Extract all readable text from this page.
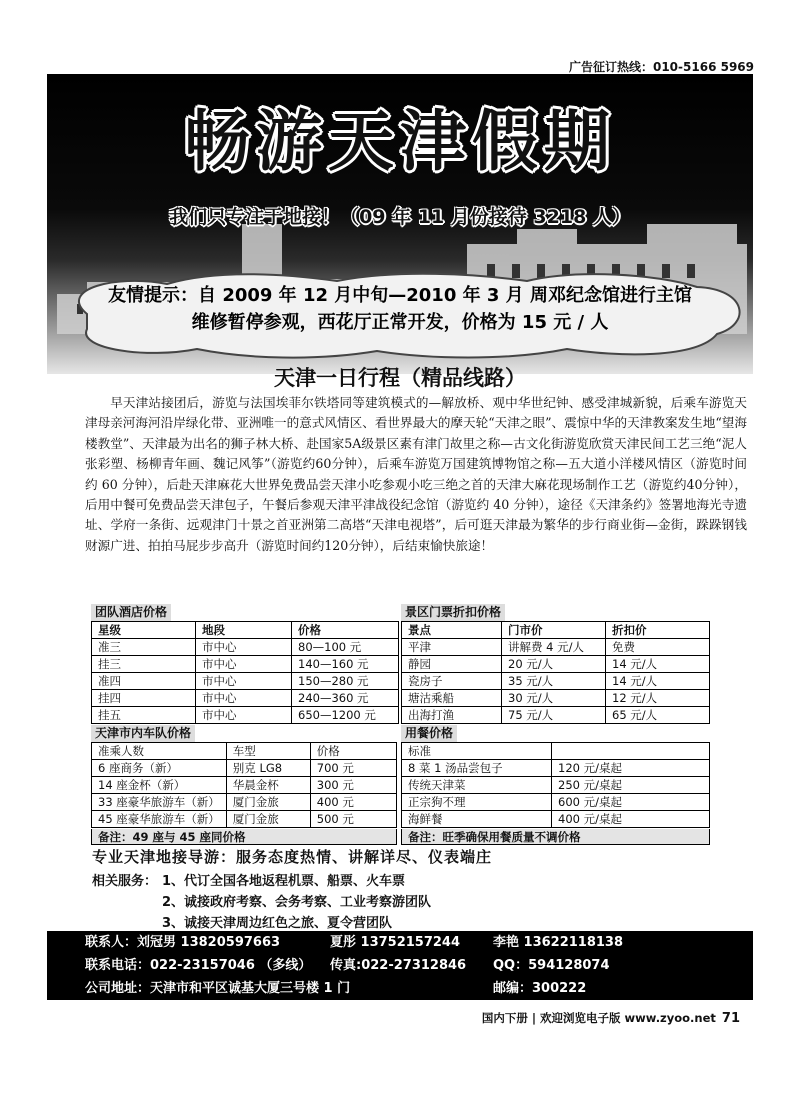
广告征订热线：010-5166 5969
畅游天津假期
我们只专注于地接！（09 年 11 月份接待 3218 人）
友情提示：自 2009 年 12 月中旬—2010 年 3 月 周邓纪念馆进行主馆
维修暂停参观，西花厅正常开发，价格为 15 元 / 人
天津一日行程（精品线路）
早天津站接团后，游览与法国埃菲尔铁塔同等建筑模式的—解放桥、观中华世纪钟、感受津城新貌，后乘车游览天津母亲河海河沿岸绿化带、亚洲唯一的意式风情区、看世界最大的摩天轮“天津之眼”、震惊中华的天津教案发生地“望海楼教堂”、天津最为出名的狮子林大桥、赴国家5A级景区素有津门故里之称—古文化街游览欣赏天津民间工艺三绝“泥人张彩塑、杨柳青年画、魏记风筝”（游览约60分钟），后乘车游览万国建筑博物馆之称—五大道小洋楼风情区（游览时间约 60 分钟），后赴天津麻花大世界免费品尝天津小吃参观小吃三绝之首的天津大麻花现场制作工艺（游览约40分钟），后用中餐可免费品尝天津包子，午餐后参观天津平津战役纪念馆（游览约 40 分钟），途径《天津条约》签署地海光寺遗址、学府一条街、远观津门十景之首亚洲第二高塔“天津电视塔”，后可逛天津最为繁华的步行商业街—金街，跺跺钢钱财源广进、拍拍马屁步步高升（游览时间约120分钟），后结束愉快旅途！
团队酒店价格
星级	地段	价格
准三	市中心	80—100 元
挂三	市中心	140—160 元
准四	市中心	150—280 元
挂四	市中心	240—360 元
挂五	市中心	650—1200 元
景区门票折扣价格
景点	门市价	折扣价
平津	讲解费 4 元/人	免费
静园	20 元/人	14 元/人
瓷房子	35 元/人	14 元/人
塘沽乘船	30 元/人	12 元/人
出海打渔	75 元/人	65 元/人
天津市内车队价格
准乘人数	车型	价格
6 座商务（新）	别克 LG8	700 元
14 座金杯（新）	华晨金杯	300 元
33 座豪华旅游车（新）	厦门金旅	400 元
45 座豪华旅游车（新）	厦门金旅	500 元
备注：49 座与 45 座同价格
用餐价格
标准	
8 菜 1 汤品尝包子	120 元/桌起
传统天津菜	250 元/桌起
正宗狗不理	600 元/桌起
海鲜餐	400 元/桌起
备注：旺季确保用餐质量不调价格
专业天津地接导游：服务态度热情、讲解详尽、仪表端庄
相关服务： 1、代订全国各地返程机票、船票、火车票
2、诚接政府考察、会务考察、工业考察游团队
3、诚接天津周边红色之旅、夏令营团队
联系人：刘冠男 13820597663	夏彤 13752157244	李艳 13622118138
联系电话：022-23157046 （多线） 传真:022-27312846 QQ：594128074
公司地址：天津市和平区诚基大厦三号楼 1 门	邮编：300222
国内下册 | 欢迎浏览电子版 www.zyoo.net 71
